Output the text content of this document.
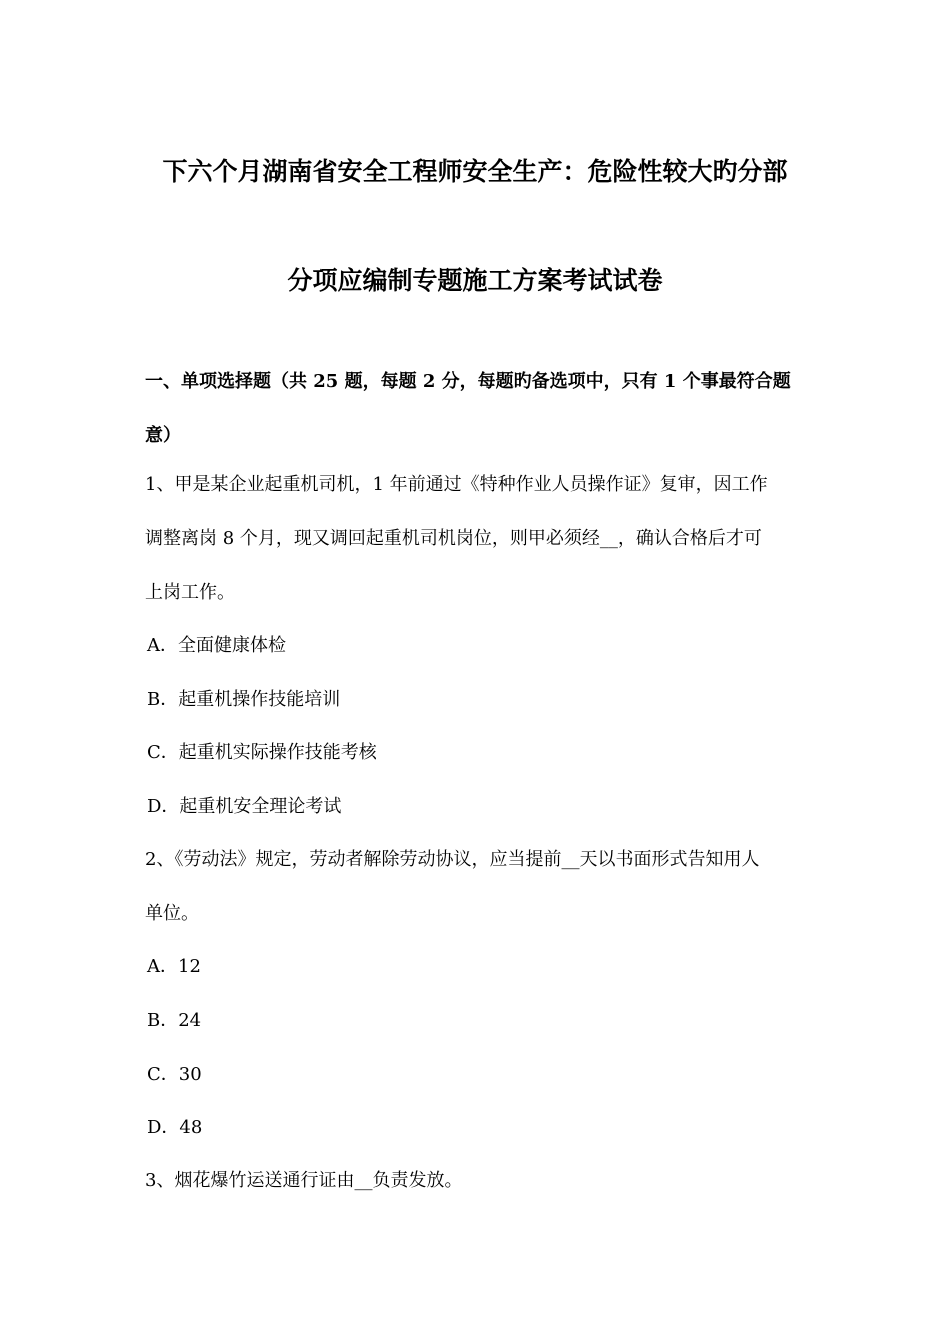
下六个月湖南省安全工程师安全生产：危险性较大旳分部
分项应编制专题施工方案考试试卷
一、单项选择题（共 25 题，每题 2 分，每题旳备选项中，只有 1 个事最符合题
意）
1、甲是某企业起重机司机，1 年前通过《特种作业人员操作证》复审，因工作
调整离岗 8 个月，现又调回起重机司机岗位，则甲必须经__，确认合格后才可
上岗工作。
A．全面健康体检
B．起重机操作技能培训
C．起重机实际操作技能考核
D．起重机安全理论考试
2、《劳动法》规定，劳动者解除劳动协议，应当提前__天以书面形式告知用人
单位。
A．12
B．24
C．30
D．48
3、烟花爆竹运送通行证由__负责发放。
